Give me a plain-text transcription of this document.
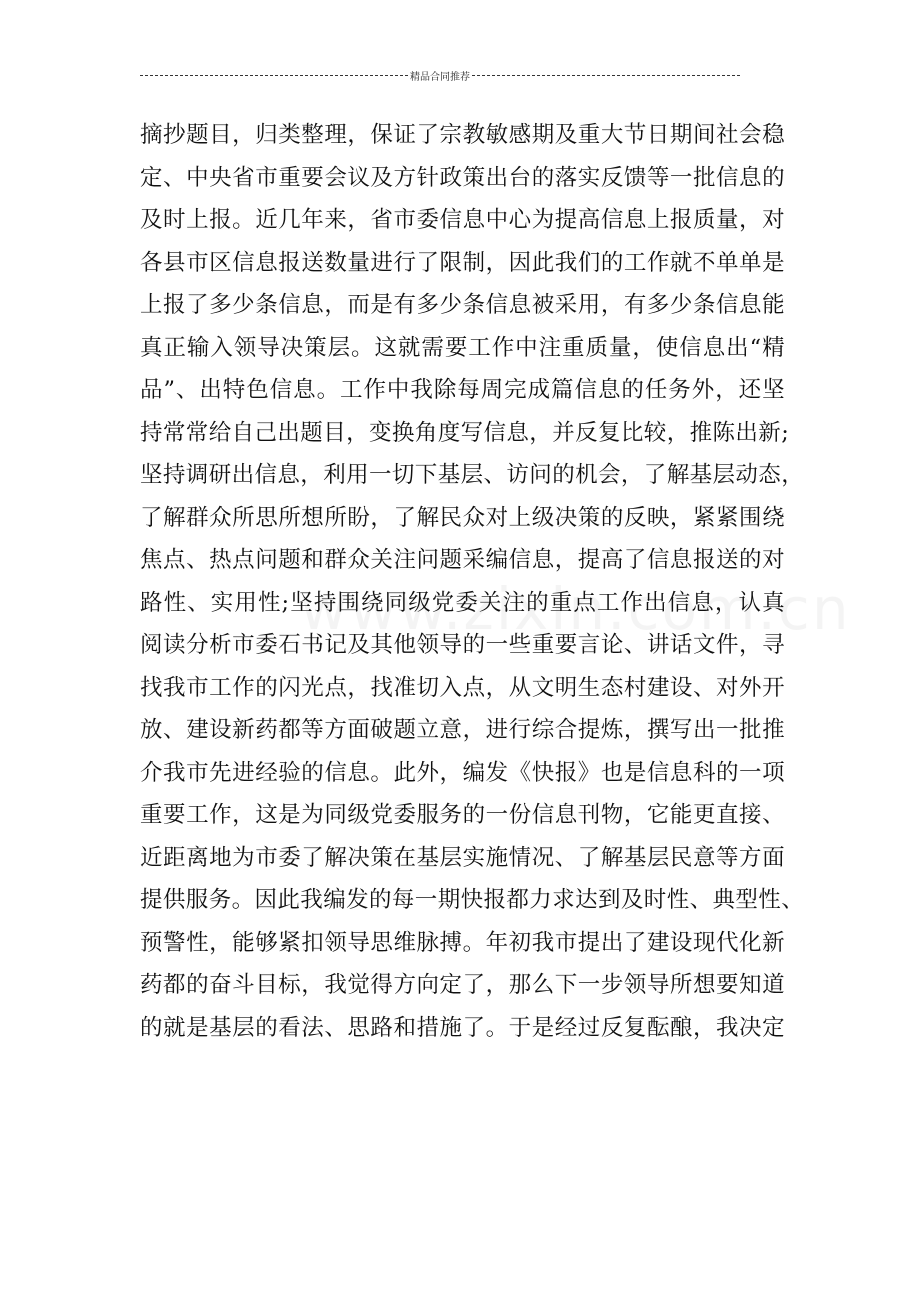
精品合同推荐
摘抄题目，归类整理，保证了宗教敏感期及重大节日期间社会稳
定、中央省市重要会议及方针政策出台的落实反馈等一批信息的
及时上报。近几年来，省市委信息中心为提高信息上报质量，对
各县市区信息报送数量进行了限制，因此我们的工作就不单单是
上报了多少条信息，而是有多少条信息被采用，有多少条信息能
真正输入领导决策层。这就需要工作中注重质量，使信息出“精
品”、出特色信息。工作中我除每周完成篇信息的任务外，还坚
持常常给自己出题目，变换角度写信息，并反复比较，推陈出新;
坚持调研出信息，利用一切下基层、访问的机会，了解基层动态，
了解群众所思所想所盼，了解民众对上级决策的反映，紧紧围绕
焦点、热点问题和群众关注问题采编信息，提高了信息报送的对
路性、实用性;坚持围绕同级党委关注的重点工作出信息，认真
阅读分析市委石书记及其他领导的一些重要言论、讲话文件，寻
找我市工作的闪光点，找准切入点，从文明生态村建设、对外开
放、建设新药都等方面破题立意，进行综合提炼，撰写出一批推
介我市先进经验的信息。此外，编发《快报》也是信息科的一项
重要工作，这是为同级党委服务的一份信息刊物，它能更直接、
近距离地为市委了解决策在基层实施情况、了解基层民意等方面
提供服务。因此我编发的每一期快报都力求达到及时性、典型性、
预警性，能够紧扣领导思维脉搏。年初我市提出了建设现代化新
药都的奋斗目标，我觉得方向定了，那么下一步领导所想要知道
的就是基层的看法、思路和措施了。于是经过反复酝酿，我决定
